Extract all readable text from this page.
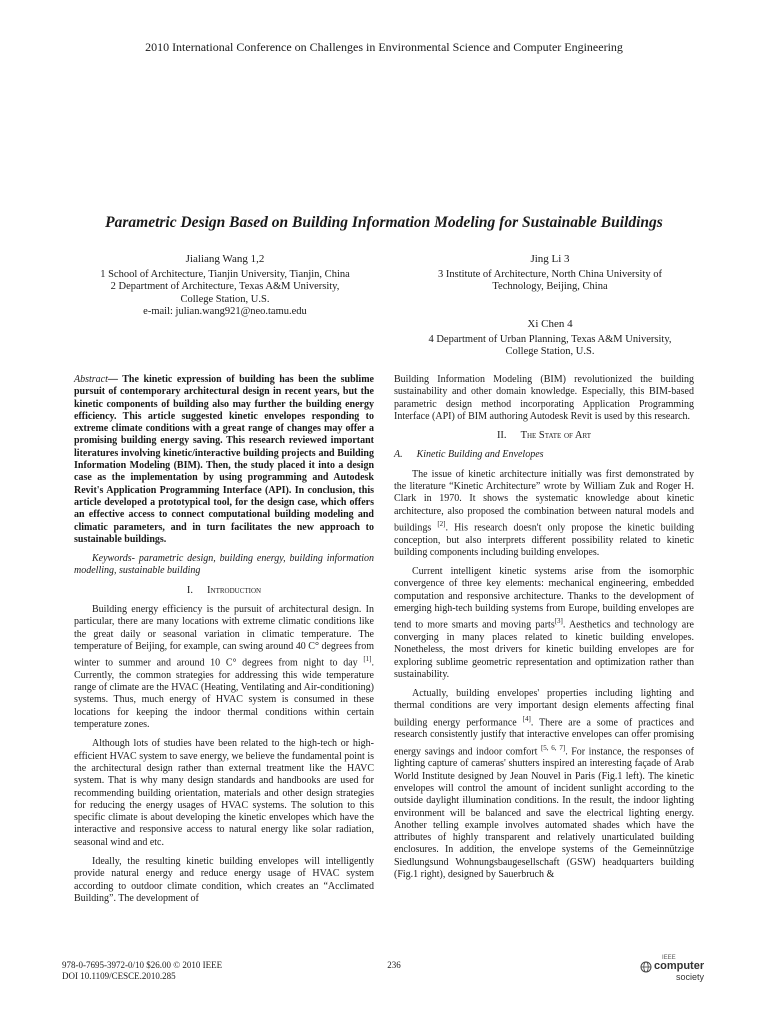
2010 International Conference on Challenges in Environmental Science and Computer Engineering
Parametric Design Based on Building Information Modeling for Sustainable Buildings
Jialiang Wang 1,2
1 School of Architecture, Tianjin University, Tianjin, China
2 Department of Architecture, Texas A&M University,
College Station, U.S.
e-mail: julian.wang921@neo.tamu.edu
Jing Li 3
3 Institute of Architecture, North China University of
Technology, Beijing, China
Xi Chen 4
4 Department of Urban Planning, Texas A&M University,
College Station, U.S.

Abstract— The kinetic expression of building has been the sublime pursuit of contemporary architectural design in recent years, but the kinetic components of building also may further the building energy efficiency. This article suggested kinetic envelopes responding to extreme climate conditions with a great range of changes may offer a promising building energy saving. This research reviewed important literatures involving kinetic/interactive building projects and Building Information Modeling (BIM). Then, the study placed it into a design case as the implementation by using programming and Autodesk Revit's Application Programming Interface (API). In conclusion, this article developed a prototypical tool, for the design case, which offers an effective access to connect computational building modeling and climatic parameters, and in turn facilitates the new approach to sustainable buildings.

Keywords- parametric design, building energy, building information modelling, sustainable building

I. Introduction

Building energy efficiency is the pursuit of architectural design. In particular, there are many locations with extreme climatic conditions like the great daily or seasonal variation in climatic temperature. The temperature of Beijing, for example, can swing around 40 C° degrees from winter to summer and around 10 C° degrees from night to day [1]. Currently, the common strategies for addressing this wide temperature range of climate are the HVAC (Heating, Ventilating and Air-conditioning) systems. Thus, much energy of HVAC system is consumed in these locations for keeping the indoor thermal conditions within certain temperature zones.

Although lots of studies have been related to the high-tech or high-efficient HVAC system to save energy, we believe the fundamental point is the architectural design rather than external treatment like the HAVC system. That is why many design standards and handbooks are used for recommending building orientation, materials and other design strategies for reducing the energy usages of HVAC systems. The solution to this specific climate is about developing the kinetic envelopes which have the interactive and responsive access to natural energy like solar radiation, seasonal wind and etc.

Ideally, the resulting kinetic building envelopes will intelligently provide natural energy and reduce energy usage of HVAC system according to outdoor climate condition, which creates an “Acclimated Building”. The development of

Building Information Modeling (BIM) revolutionized the building sustainability and other domain knowledge. Especially, this BIM-based parametric design method incorporating Application Programming Interface (API) of BIM authoring Autodesk Revit is used by this research.

II. The State of Art

A. Kinetic Building and Envelopes

The issue of kinetic architecture initially was first demonstrated by the literature “Kinetic Architecture” wrote by William Zuk and Roger H. Clark in 1970. It shows the systematic knowledge about kinetic architecture, also proposed the combination between natural models and buildings [2]. His research doesn't only propose the kinetic building conception, but also interprets different possibility related to kinetic building components including building envelopes.

Current intelligent kinetic systems arise from the isomorphic convergence of three key elements: mechanical engineering, embedded computation and responsive architecture. Thanks to the development of emerging high-tech building systems from Europe, building envelopes are tend to more smarts and moving parts[3]. Aesthetics and technology are converging in many places related to kinetic building envelopes. Nonetheless, the most drivers for kinetic building envelopes are for exploring sublime geometric representation and optimization rather than sustainability.

Actually, building envelopes' properties including lighting and thermal conditions are very important design elements affecting final building energy performance [4]. There are a some of practices and research consistently justify that interactive envelopes can offer promising energy savings and indoor comfort [5, 6, 7]. For instance, the responses of lighting capture of cameras' shutters inspired an interesting façade of Arab World Institute designed by Jean Nouvel in Paris (Fig.1 left). The kinetic envelopes will control the amount of incident sunlight according to the outside daylight illumination conditions. In the result, the indoor lighting environment will be balanced and save the electrical lighting energy. Another telling example involves automated shades which have the attributes of highly transparent and relatively unarticulated building enclosures. In addition, the envelope systems of the Gemeinnützige Siedlungsund Wohnungsbaugesellschaft (GSW) headquarters building (Fig.1 right), designed by Sauerbruch &

978-0-7695-3972-0/10 $26.00 © 2010 IEEE
DOI 10.1109/CESCE.2010.285
236
IEEE
computer
society
